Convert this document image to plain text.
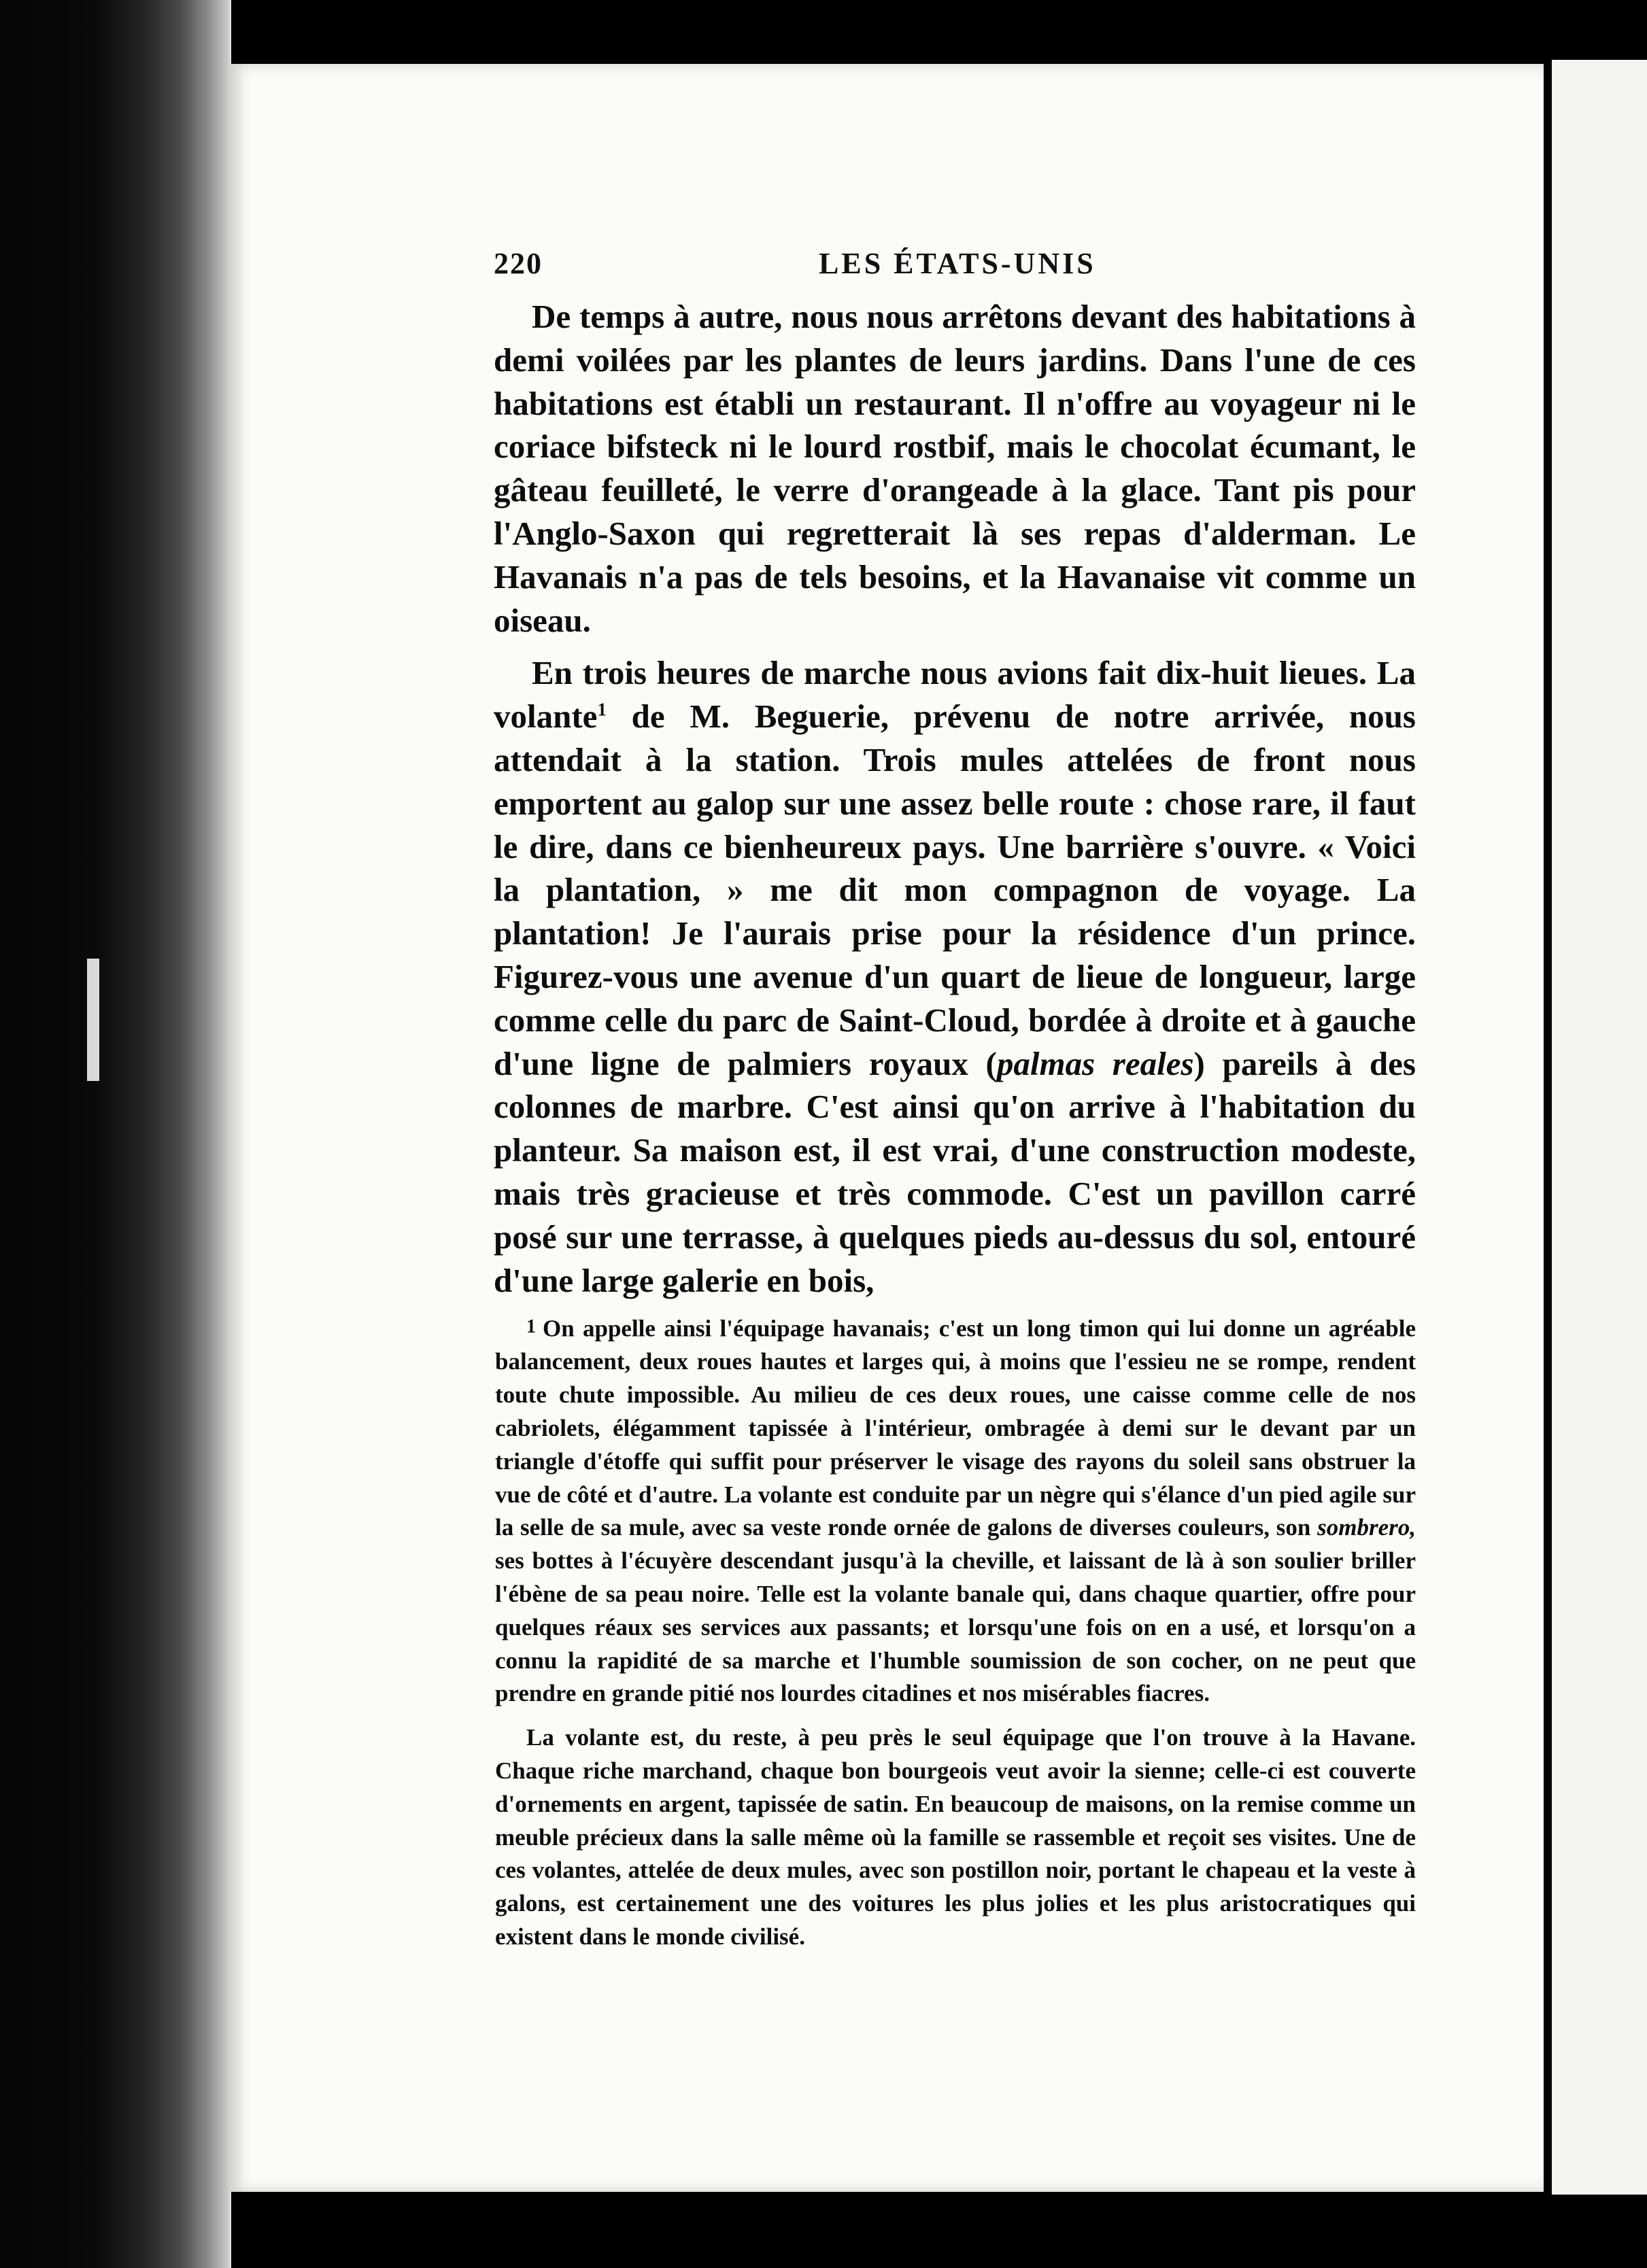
220	LES ÉTATS-UNIS

De temps à autre, nous nous arrêtons devant des habitations à demi voilées par les plantes de leurs jardins. Dans l'une de ces habitations est établi un restaurant. Il n'offre au voyageur ni le coriace bifsteck ni le lourd rostbif, mais le chocolat écumant, le gâteau feuilleté, le verre d'orangeade à la glace. Tant pis pour l'Anglo-Saxon qui regretterait là ses repas d'alderman. Le Havanais n'a pas de tels besoins, et la Havanaise vit comme un oiseau.

En trois heures de marche nous avions fait dix-huit lieues. La volante$^1$ de M. Beguerie, prévenu de notre arrivée, nous attendait à la station. Trois mules attelées de front nous emportent au galop sur une assez belle route : chose rare, il faut le dire, dans ce bienheureux pays. Une barrière s'ouvre. « Voici la plantation, » me dit mon compagnon de voyage. La plantation! Je l'aurais prise pour la résidence d'un prince. Figurez-vous une avenue d'un quart de lieue de longueur, large comme celle du parc de Saint-Cloud, bordée à droite et à gauche d'une ligne de palmiers royaux (palmas reales) pareils à des colonnes de marbre. C'est ainsi qu'on arrive à l'habitation du planteur. Sa maison est, il est vrai, d'une construction modeste, mais très gracieuse et très commode. C'est un pavillon carré posé sur une terrasse, à quelques pieds au-dessus du sol, entouré d'une large galerie en bois,

1 On appelle ainsi l'équipage havanais; c'est un long timon qui lui donne un agréable balancement, deux roues hautes et larges qui, à moins que l'essieu ne se rompe, rendent toute chute impossible. Au milieu de ces deux roues, une caisse comme celle de nos cabriolets, élégamment tapissée à l'intérieur, ombragée à demi sur le devant par un triangle d'étoffe qui suffit pour préserver le visage des rayons du soleil sans obstruer la vue de côté et d'autre. La volante est conduite par un nègre qui s'élance d'un pied agile sur la selle de sa mule, avec sa veste ronde ornée de galons de diverses couleurs, son sombrero, ses bottes à l'écuyère descendant jusqu'à la cheville, et laissant de là à son soulier briller l'ébène de sa peau noire. Telle est la volante banale qui, dans chaque quartier, offre pour quelques réaux ses services aux passants; et lorsqu'une fois on en a usé, et lorsqu'on a connu la rapidité de sa marche et l'humble soumission de son cocher, on ne peut que prendre en grande pitié nos lourdes citadines et nos misérables fiacres.

La volante est, du reste, à peu près le seul équipage que l'on trouve à la Havane. Chaque riche marchand, chaque bon bourgeois veut avoir la sienne; celle-ci est couverte d'ornements en argent, tapissée de satin. En beaucoup de maisons, on la remise comme un meuble précieux dans la salle même où la famille se rassemble et reçoit ses visites. Une de ces volantes, attelée de deux mules, avec son postillon noir, portant le chapeau et la veste à galons, est certainement une des voitures les plus jolies et les plus aristocratiques qui existent dans le monde civilisé.
